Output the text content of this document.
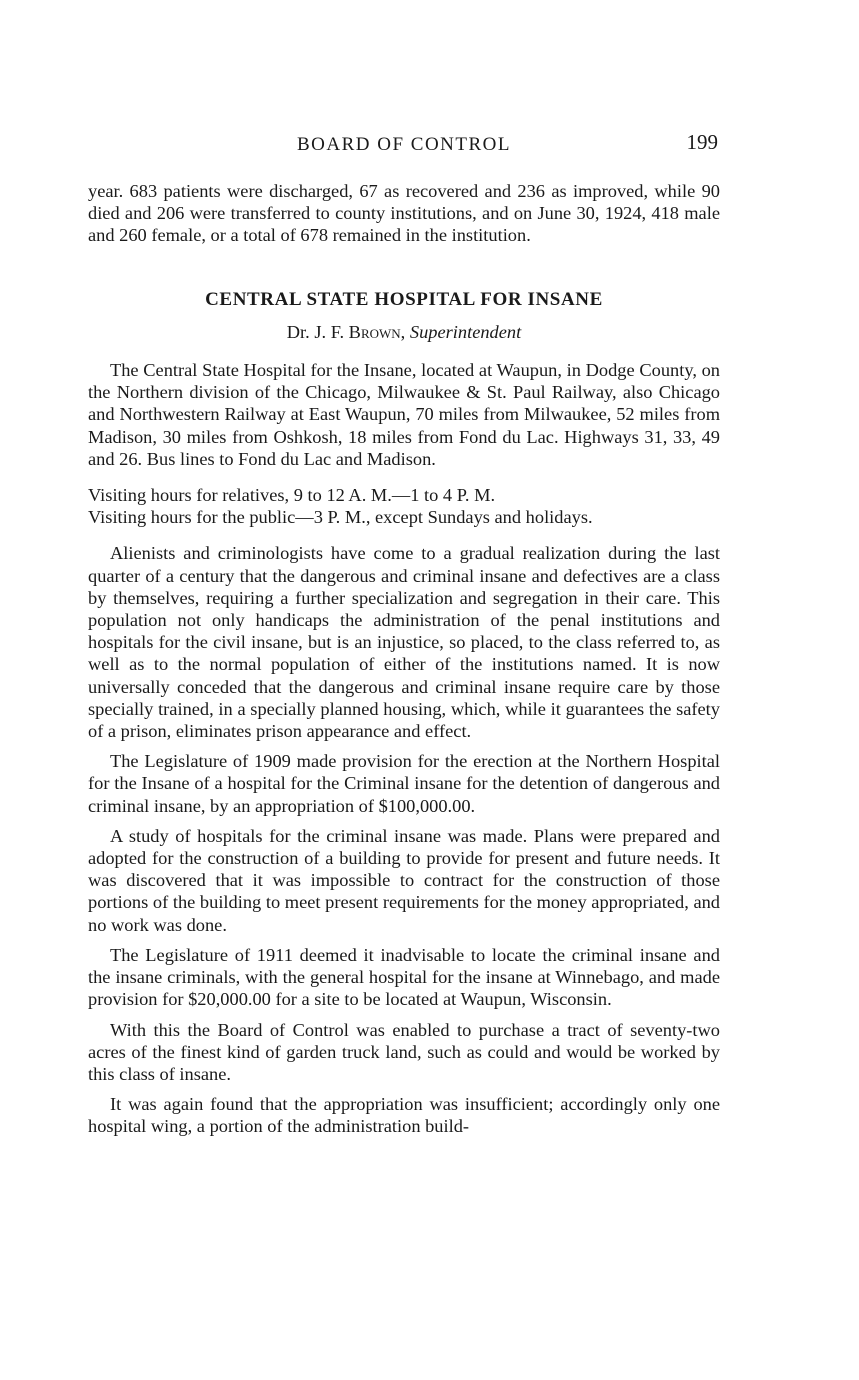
BOARD OF CONTROL	199

year. 683 patients were discharged, 67 as recovered and 236 as improved, while 90 died and 206 were transferred to county institutions, and on June 30, 1924, 418 male and 260 female, or a total of 678 remained in the institution.

CENTRAL STATE HOSPITAL FOR INSANE
Dr. J. F. Brown, Superintendent

The Central State Hospital for the Insane, located at Waupun, in Dodge County, on the Northern division of the Chicago, Milwaukee & St. Paul Railway, also Chicago and Northwestern Railway at East Waupun, 70 miles from Milwaukee, 52 miles from Madison, 30 miles from Oshkosh, 18 miles from Fond du Lac. Highways 31, 33, 49 and 26. Bus lines to Fond du Lac and Madison.

Visiting hours for relatives, 9 to 12 A. M.—1 to 4 P. M.

Visiting hours for the public—3 P. M., except Sundays and holidays.

Alienists and criminologists have come to a gradual realization during the last quarter of a century that the dangerous and criminal insane and defectives are a class by themselves, requiring a further specialization and segregation in their care. This population not only handicaps the administration of the penal institutions and hospitals for the civil insane, but is an injustice, so placed, to the class referred to, as well as to the normal population of either of the institutions named. It is now universally conceded that the dangerous and criminal insane require care by those specially trained, in a specially planned housing, which, while it guarantees the safety of a prison, eliminates prison appearance and effect.

The Legislature of 1909 made provision for the erection at the Northern Hospital for the Insane of a hospital for the Criminal insane for the detention of dangerous and criminal insane, by an appropriation of $100,000.00.

A study of hospitals for the criminal insane was made. Plans were prepared and adopted for the construction of a building to provide for present and future needs. It was discovered that it was impossible to contract for the construction of those portions of the building to meet present requirements for the money appropriated, and no work was done.

The Legislature of 1911 deemed it inadvisable to locate the criminal insane and the insane criminals, with the general hospital for the insane at Winnebago, and made provision for $20,000.00 for a site to be located at Waupun, Wisconsin.

With this the Board of Control was enabled to purchase a tract of seventy-two acres of the finest kind of garden truck land, such as could and would be worked by this class of insane.

It was again found that the appropriation was insufficient; accordingly only one hospital wing, a portion of the administration build-
